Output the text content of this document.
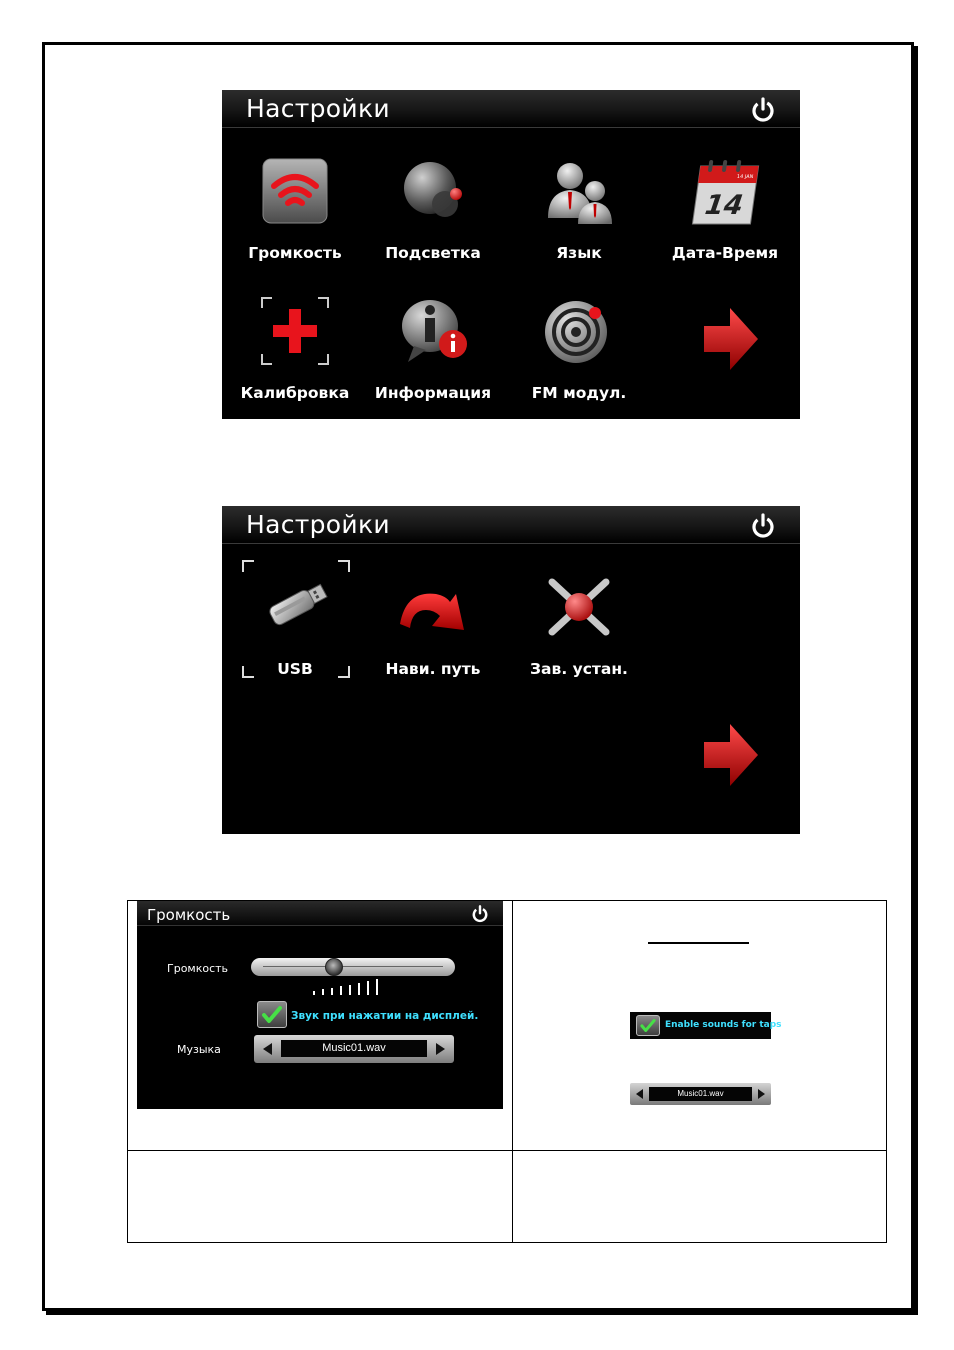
Настройки
Громкость	Подсветка	Язык
14
14 JAN
Дата-Время
Калибровка	Информация	FM модул.
Настройки
USB	Нави. путь	Зав. устан.
Громкость
Громкость
Звук при нажатии на дисплей.
Музыка	Music01.wav
Enable sounds for taps
Music01.wav
